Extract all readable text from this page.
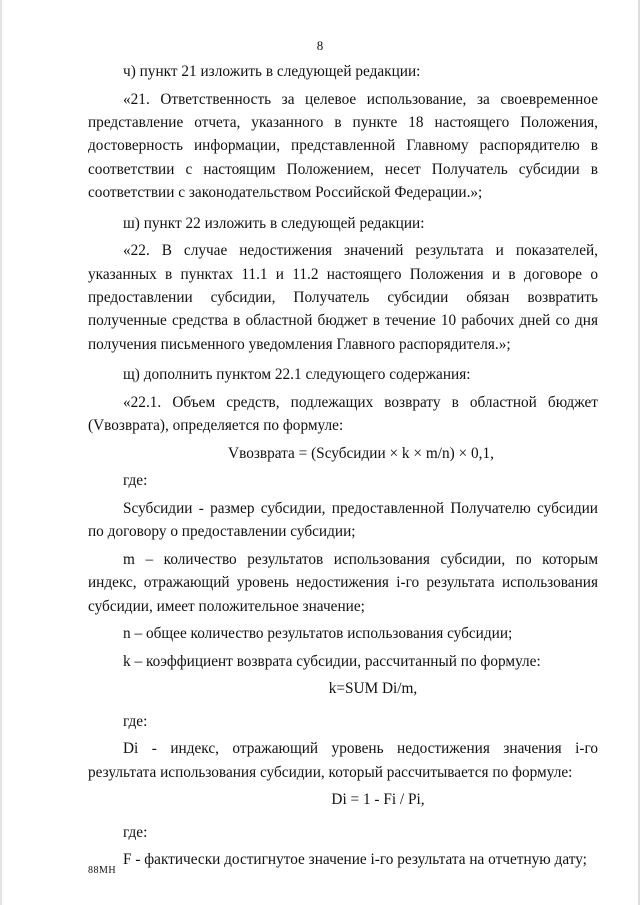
8

ч) пункт 21 изложить в следующей редакции:

«21. Ответственность за целевое использование, за своевременное представление отчета, указанного в пункте 18 настоящего Положения, достоверность информации, представленной Главному распорядителю в соответствии с настоящим Положением, несет Получатель субсидии в соответствии с законодательством Российской Федерации.»;

ш) пункт 22 изложить в следующей редакции:

«22. В случае недостижения значений результата и показателей, указанных в пунктах 11.1 и 11.2 настоящего Положения и в договоре о предоставлении субсидии, Получатель субсидии обязан возвратить полученные средства в областной бюджет в течение 10 рабочих дней со дня получения письменного уведомления Главного распорядителя.»;

щ) дополнить пунктом 22.1 следующего содержания:

«22.1. Объем средств, подлежащих возврату в областной бюджет (Vвозврата), определяется по формуле:

Vвозврата = (Sсубсидии × k × m/n) × 0,1,

где:

Sсубсидии - размер субсидии, предоставленной Получателю субсидии по договору о предоставлении субсидии;

m – количество результатов использования субсидии, по которым индекс, отражающий уровень недостижения i-го результата использования субсидии, имеет положительное значение;

n – общее количество результатов использования субсидии;

k – коэффициент возврата субсидии, рассчитанный по формуле:

k=SUM Di/m,

где:

Di - индекс, отражающий уровень недостижения значения i-го результата использования субсидии, который рассчитывается по формуле:

Di = 1 - Fi / Pi,

где:

F - фактически достигнутое значение i-го результата на отчетную дату;

88МН
